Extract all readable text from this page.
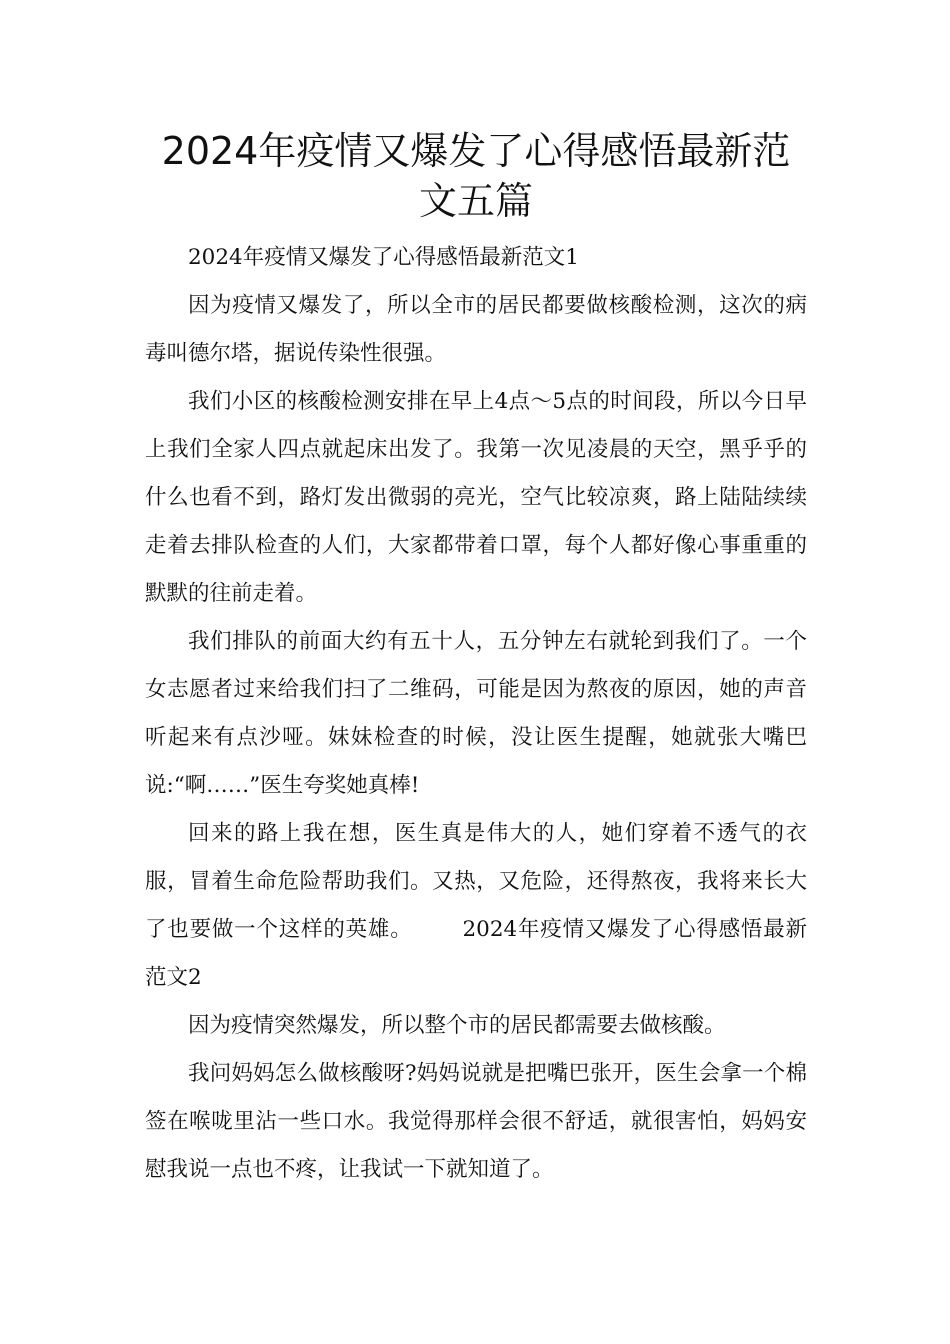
2024年疫情又爆发了心得感悟最新范文五篇

2024年疫情又爆发了心得感悟最新范文1

因为疫情又爆发了，所以全市的居民都要做核酸检测，这次的病毒叫德尔塔，据说传染性很强。

我们小区的核酸检测安排在早上4点～5点的时间段，所以今日早上我们全家人四点就起床出发了。我第一次见凌晨的天空，黑乎乎的什么也看不到，路灯发出微弱的亮光，空气比较凉爽，路上陆陆续续走着去排队检查的人们，大家都带着口罩，每个人都好像心事重重的默默的往前走着。

我们排队的前面大约有五十人，五分钟左右就轮到我们了。一个女志愿者过来给我们扫了二维码，可能是因为熬夜的原因，她的声音听起来有点沙哑。妹妹检查的时候，没让医生提醒，她就张大嘴巴说:“啊……”医生夸奖她真棒!

回来的路上我在想，医生真是伟大的人，她们穿着不透气的衣服，冒着生命危险帮助我们。又热，又危险，还得熬夜，我将来长大了也要做一个这样的英雄。 2024年疫情又爆发了心得感悟最新范文2

因为疫情突然爆发，所以整个市的居民都需要去做核酸。

我问妈妈怎么做核酸呀?妈妈说就是把嘴巴张开，医生会拿一个棉签在喉咙里沾一些口水。我觉得那样会很不舒适，就很害怕，妈妈安慰我说一点也不疼，让我试一下就知道了。
